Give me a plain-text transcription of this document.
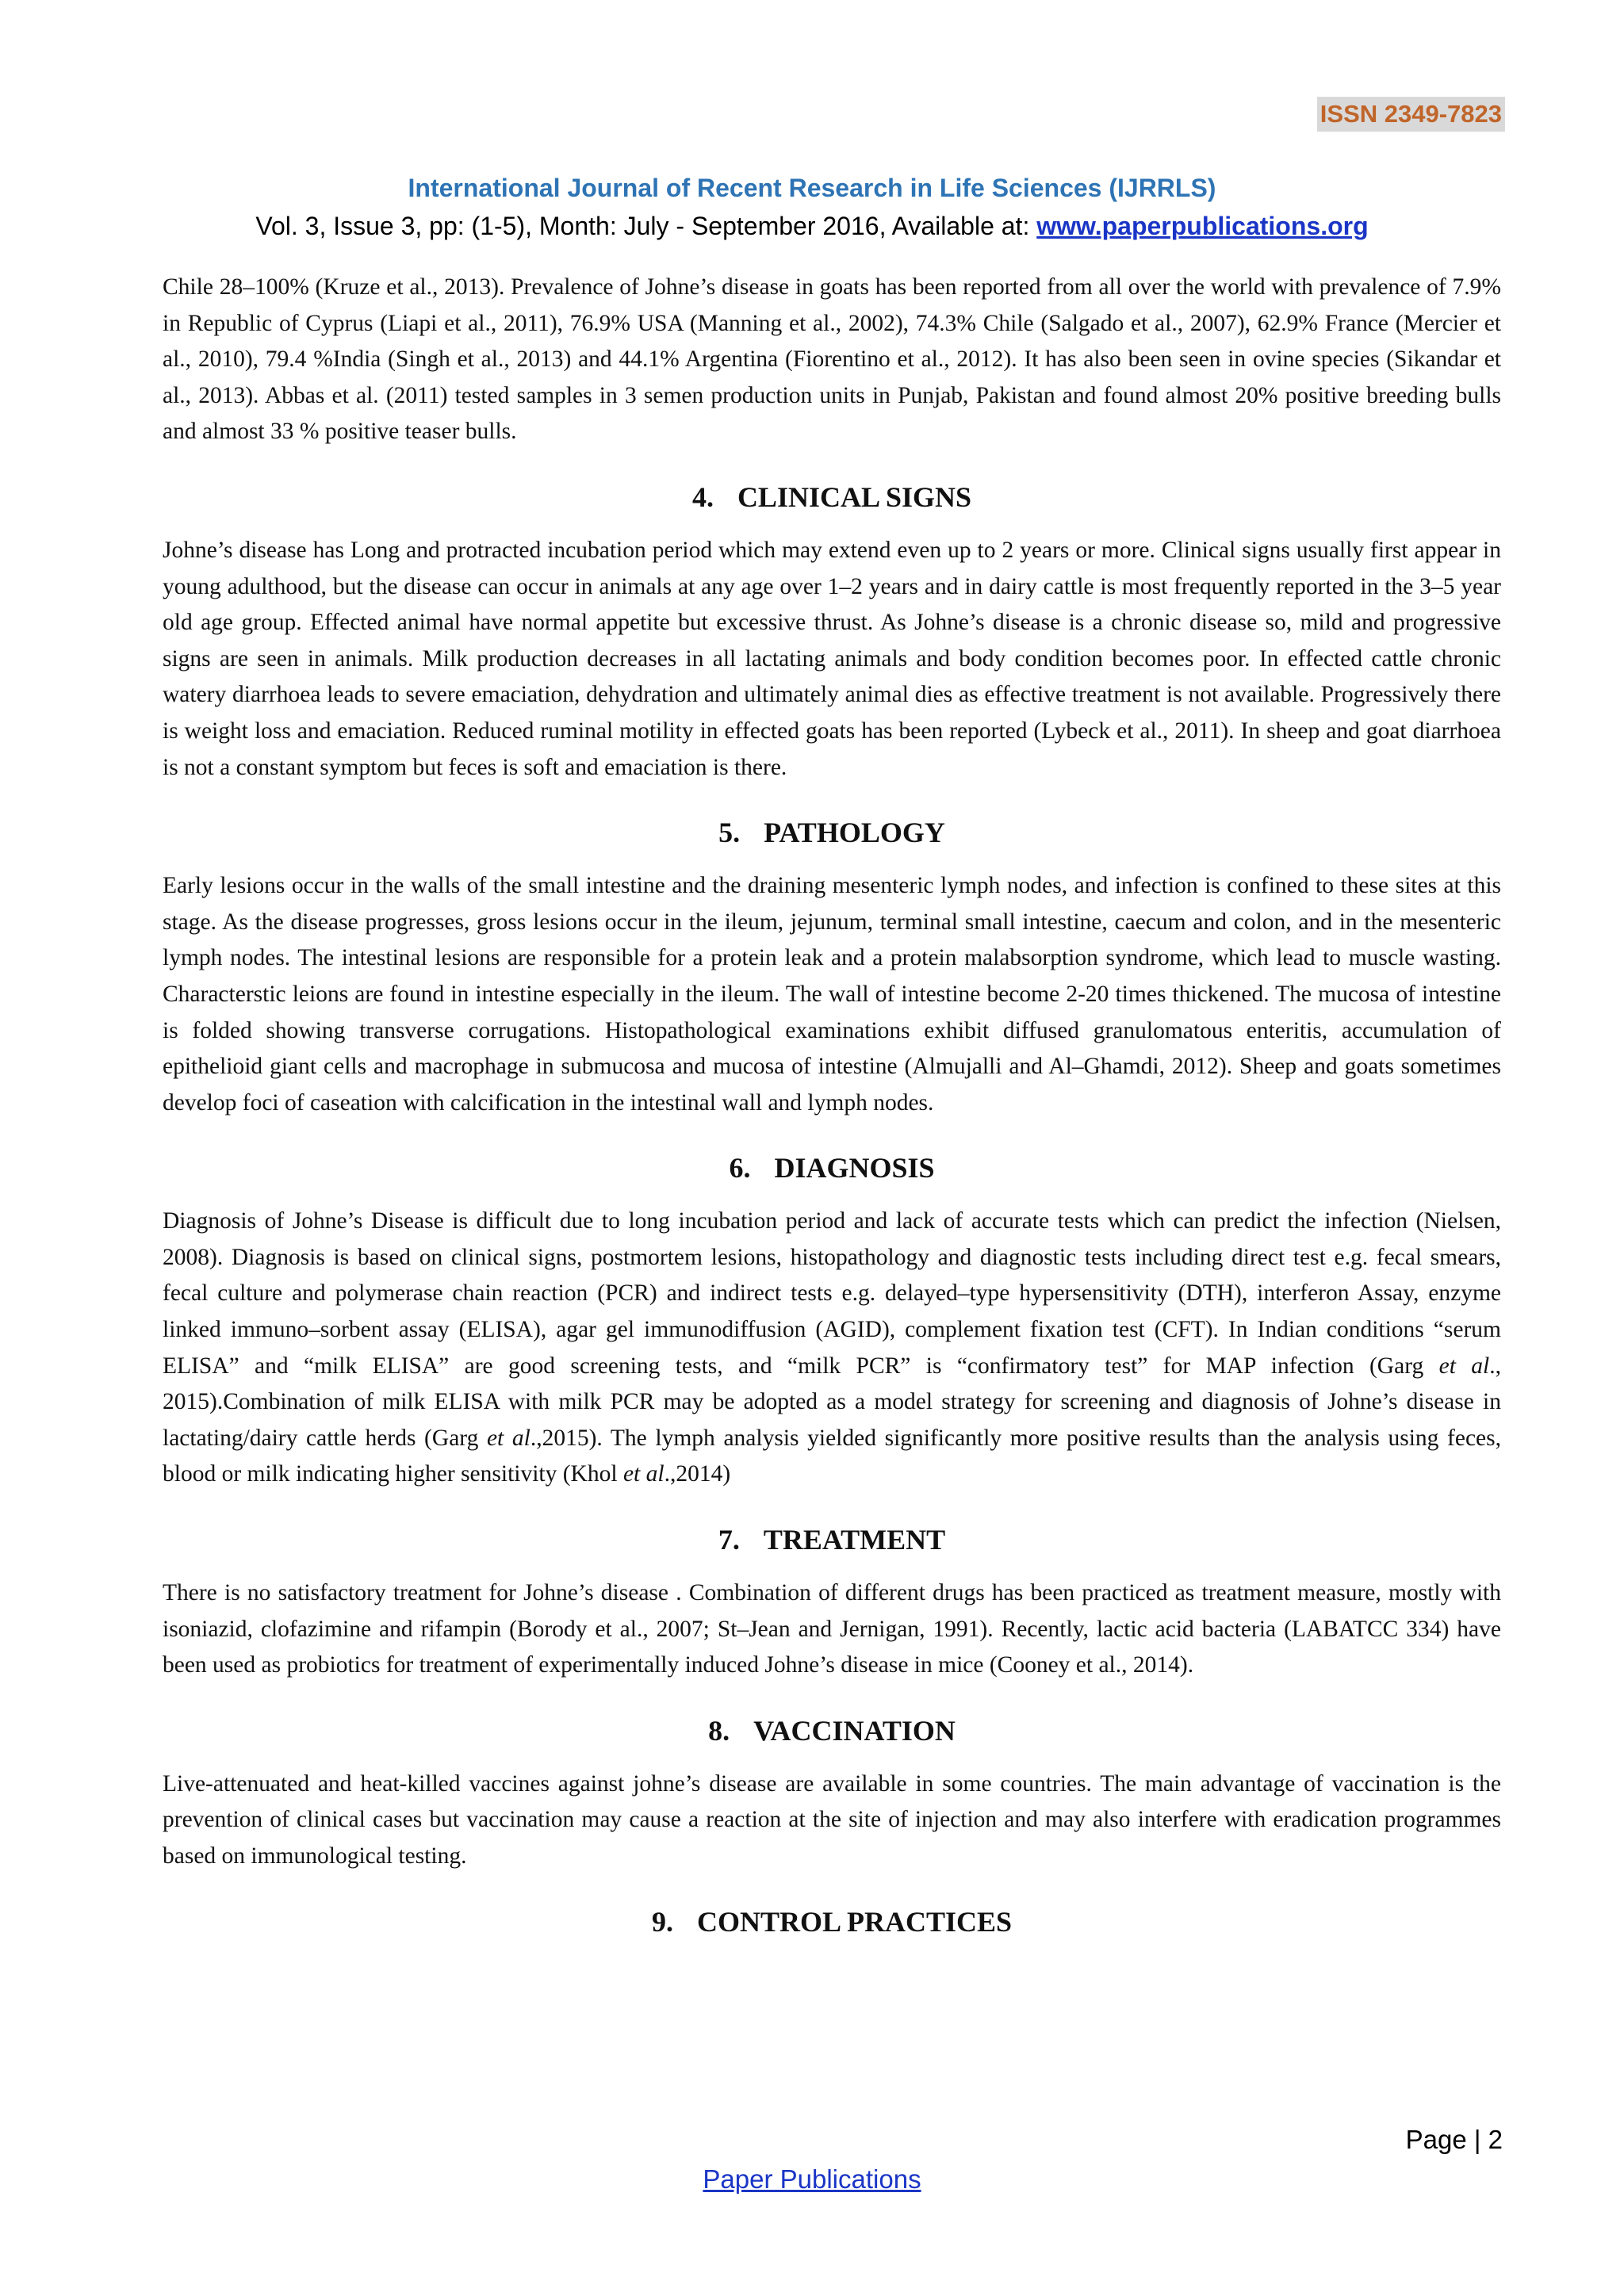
ISSN 2349-7823
International Journal of Recent Research in Life Sciences (IJRRLS)
Vol. 3, Issue 3, pp: (1-5), Month: July - September 2016, Available at: www.paperpublications.org

Chile 28–100% (Kruze et al., 2013). Prevalence of Johne’s disease in goats has been reported from all over the world with prevalence of 7.9% in Republic of Cyprus (Liapi et al., 2011), 76.9% USA (Manning et al., 2002), 74.3% Chile (Salgado et al., 2007), 62.9% France (Mercier et al., 2010), 79.4 %India (Singh et al., 2013) and 44.1% Argentina (Fiorentino et al., 2012). It has also been seen in ovine species (Sikandar et al., 2013). Abbas et al. (2011) tested samples in 3 semen production units in Punjab, Pakistan and found almost 20% positive breeding bulls and almost 33 % positive teaser bulls.

4. CLINICAL SIGNS

Johne’s disease has Long and protracted incubation period which may extend even up to 2 years or more. Clinical signs usually first appear in young adulthood, but the disease can occur in animals at any age over 1–2 years and in dairy cattle is most frequently reported in the 3–5 year old age group. Effected animal have normal appetite but excessive thrust. As Johne’s disease is a chronic disease so, mild and progressive signs are seen in animals. Milk production decreases in all lactating animals and body condition becomes poor. In effected cattle chronic watery diarrhoea leads to severe emaciation, dehydration and ultimately animal dies as effective treatment is not available. Progressively there is weight loss and emaciation. Reduced ruminal motility in effected goats has been reported (Lybeck et al., 2011). In sheep and goat diarrhoea is not a constant symptom but feces is soft and emaciation is there.

5. PATHOLOGY

Early lesions occur in the walls of the small intestine and the draining mesenteric lymph nodes, and infection is confined to these sites at this stage. As the disease progresses, gross lesions occur in the ileum, jejunum, terminal small intestine, caecum and colon, and in the mesenteric lymph nodes. The intestinal lesions are responsible for a protein leak and a protein malabsorption syndrome, which lead to muscle wasting. Characterstic leions are found in intestine especially in the ileum. The wall of intestine become 2-20 times thickened. The mucosa of intestine is folded showing transverse corrugations. Histopathological examinations exhibit diffused granulomatous enteritis, accumulation of epithelioid giant cells and macrophage in submucosa and mucosa of intestine (Almujalli and Al–Ghamdi, 2012). Sheep and goats sometimes develop foci of caseation with calcification in the intestinal wall and lymph nodes.

6. DIAGNOSIS

Diagnosis of Johne’s Disease is difficult due to long incubation period and lack of accurate tests which can predict the infection (Nielsen, 2008). Diagnosis is based on clinical signs, postmortem lesions, histopathology and diagnostic tests including direct test e.g. fecal smears, fecal culture and polymerase chain reaction (PCR) and indirect tests e.g. delayed–type hypersensitivity (DTH), interferon Assay, enzyme linked immuno–sorbent assay (ELISA), agar gel immunodiffusion (AGID), complement fixation test (CFT). In Indian conditions “serum ELISA” and “milk ELISA” are good screening tests, and “milk PCR” is “confirmatory test” for MAP infection (Garg et al., 2015).Combination of milk ELISA with milk PCR may be adopted as a model strategy for screening and diagnosis of Johne’s disease in lactating/dairy cattle herds (Garg et al.,2015). The lymph analysis yielded significantly more positive results than the analysis using feces, blood or milk indicating higher sensitivity (Khol et al.,2014)

7. TREATMENT

There is no satisfactory treatment for Johne’s disease . Combination of different drugs has been practiced as treatment measure, mostly with isoniazid, clofazimine and rifampin (Borody et al., 2007; St–Jean and Jernigan, 1991). Recently, lactic acid bacteria (LABATCC 334) have been used as probiotics for treatment of experimentally induced Johne’s disease in mice (Cooney et al., 2014).

8. VACCINATION

Live-attenuated and heat-killed vaccines against johne’s disease are available in some countries. The main advantage of vaccination is the prevention of clinical cases but vaccination may cause a reaction at the site of injection and may also interfere with eradication programmes based on immunological testing.

9. CONTROL PRACTICES
Page | 2
Paper Publications
